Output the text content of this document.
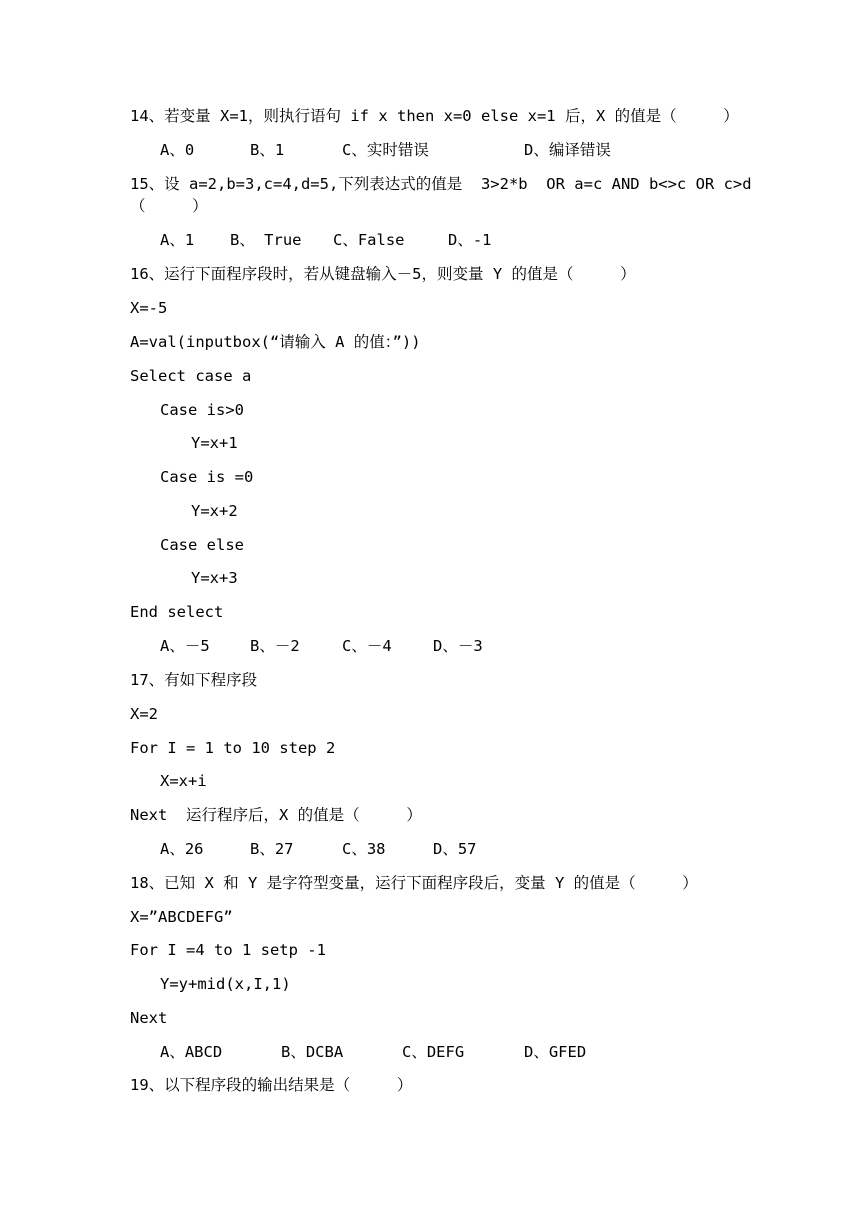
14、若变量 X=1，则执行语句 if x then x=0 else x=1 后，X 的值是（     ）
A、0	B、1	C、实时错误	D、编译错误
15、设 a=2,b=3,c=4,d=5,下列表达式的值是  3>2*b  OR a=c AND b<>c OR c>d
（     ）
A、1 B、 True C、False	D、-1
16、运行下面程序段时，若从键盘输入－5，则变量 Y 的值是（     ）
X=-5
A=val(inputbox(“请输入 A 的值：”))
Select case a
Case is>0
Y=x+1
Case is =0
Y=x+2
Case else
Y=x+3
End select
A、－5	B、－2	C、－4	D、－3
17、有如下程序段
X=2
For I = 1 to 10 step 2
X=x+i
Next  运行程序后，X 的值是（     ）
A、26	B、27	C、38	D、57
18、已知 X 和 Y 是字符型变量，运行下面程序段后，变量 Y 的值是（     ）
X=”ABCDEFG”
For I =4 to 1 setp -1
Y=y+mid(x,I,1)
Next
A、ABCD	B、DCBA	C、DEFG	D、GFED
19、以下程序段的输出结果是（     ）
